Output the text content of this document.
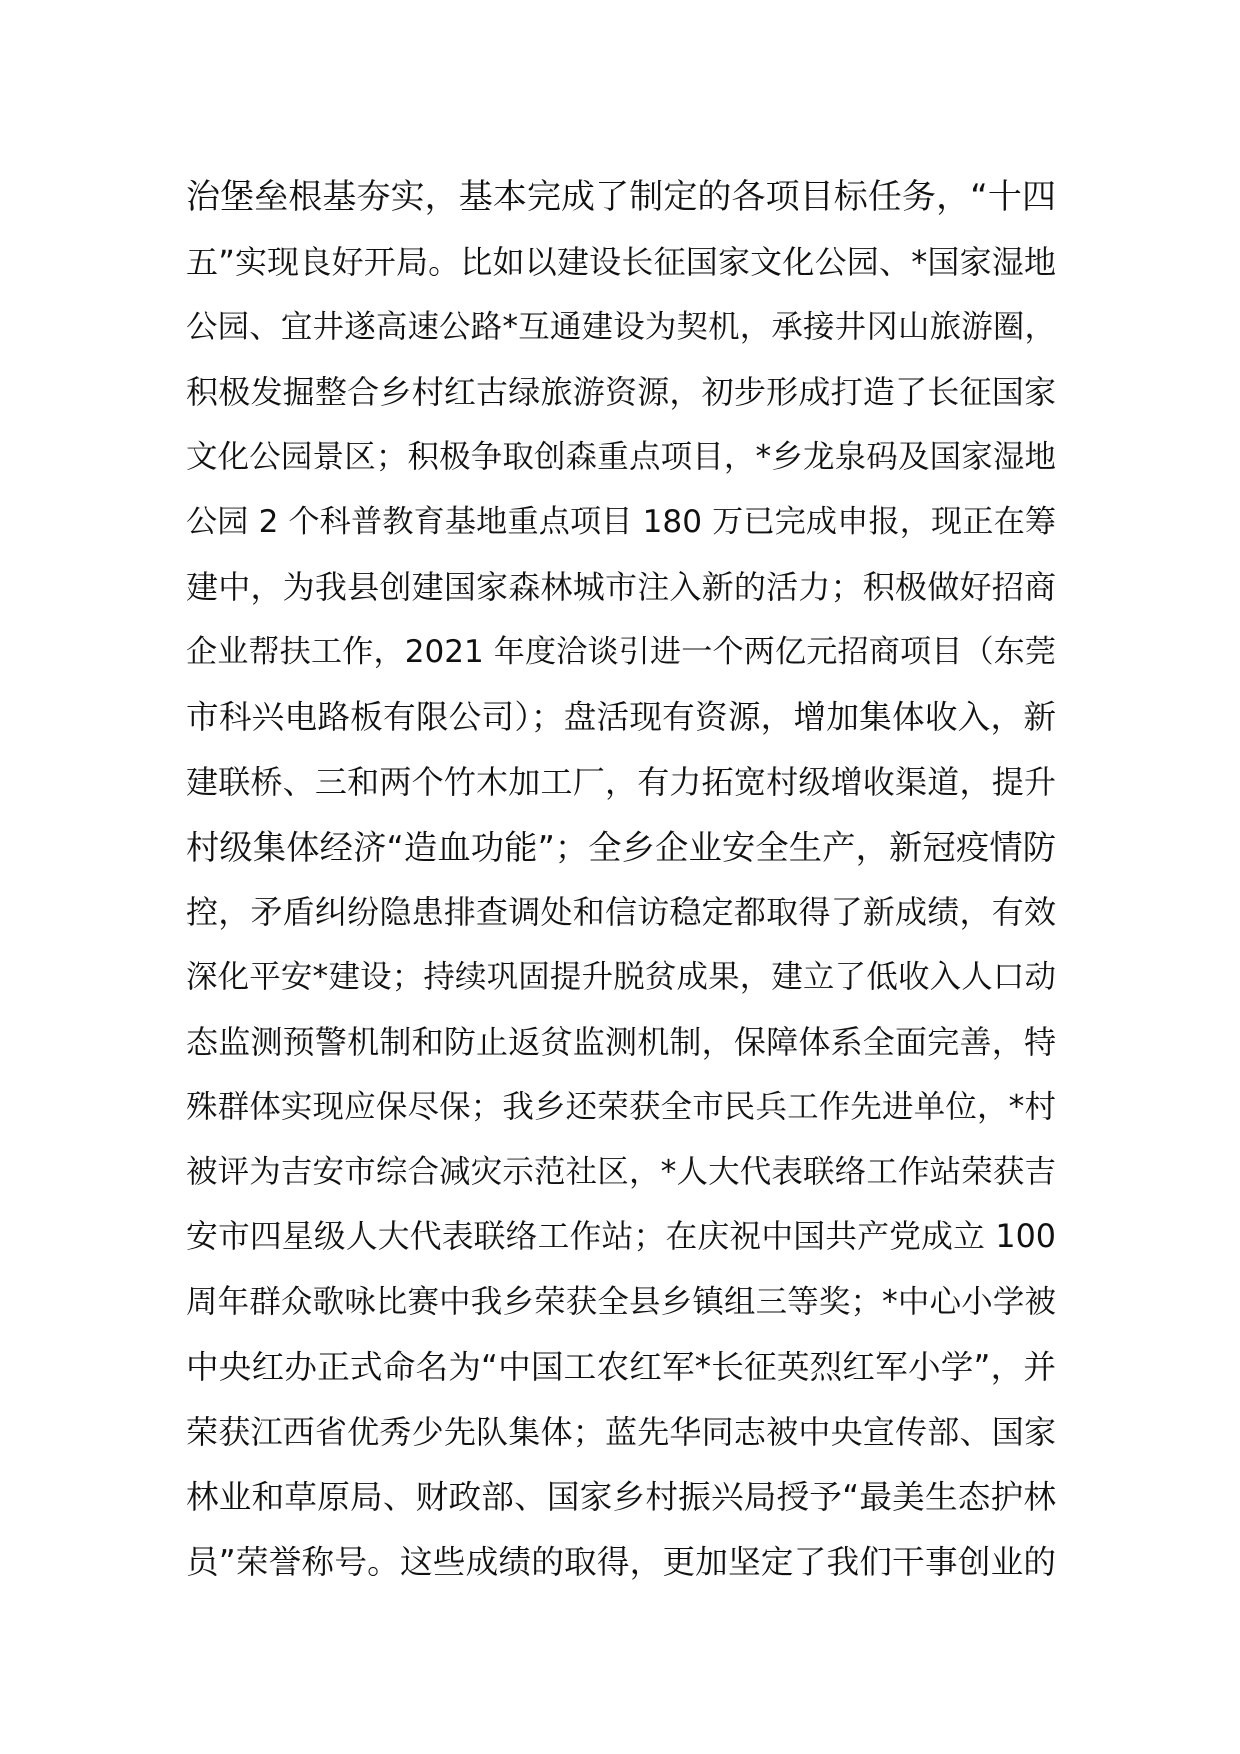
治堡垒根基夯实，基本完成了制定的各项目标任务，“十四
五”实现良好开局。比如以建设长征国家文化公园、*国家湿地
公园、宜井遂高速公路*互通建设为契机，承接井冈山旅游圈，
积极发掘整合乡村红古绿旅游资源，初步形成打造了长征国家
文化公园景区；积极争取创森重点项目，*乡龙泉码及国家湿地
公园 2 个科普教育基地重点项目 180 万已完成申报，现正在筹
建中，为我县创建国家森林城市注入新的活力；积极做好招商
企业帮扶工作，2021 年度洽谈引进一个两亿元招商项目（东莞
市科兴电路板有限公司）；盘活现有资源，增加集体收入，新
建联桥、三和两个竹木加工厂，有力拓宽村级增收渠道，提升
村级集体经济“造血功能”；全乡企业安全生产，新冠疫情防
控，矛盾纠纷隐患排查调处和信访稳定都取得了新成绩，有效
深化平安*建设；持续巩固提升脱贫成果，建立了低收入人口动
态监测预警机制和防止返贫监测机制，保障体系全面完善，特
殊群体实现应保尽保；我乡还荣获全市民兵工作先进单位，*村
被评为吉安市综合减灾示范社区，*人大代表联络工作站荣获吉
安市四星级人大代表联络工作站；在庆祝中国共产党成立 100
周年群众歌咏比赛中我乡荣获全县乡镇组三等奖；*中心小学被
中央红办正式命名为“中国工农红军*长征英烈红军小学”，并
荣获江西省优秀少先队集体；蓝先华同志被中央宣传部、国家
林业和草原局、财政部、国家乡村振兴局授予“最美生态护林
员”荣誉称号。这些成绩的取得，更加坚定了我们干事创业的
